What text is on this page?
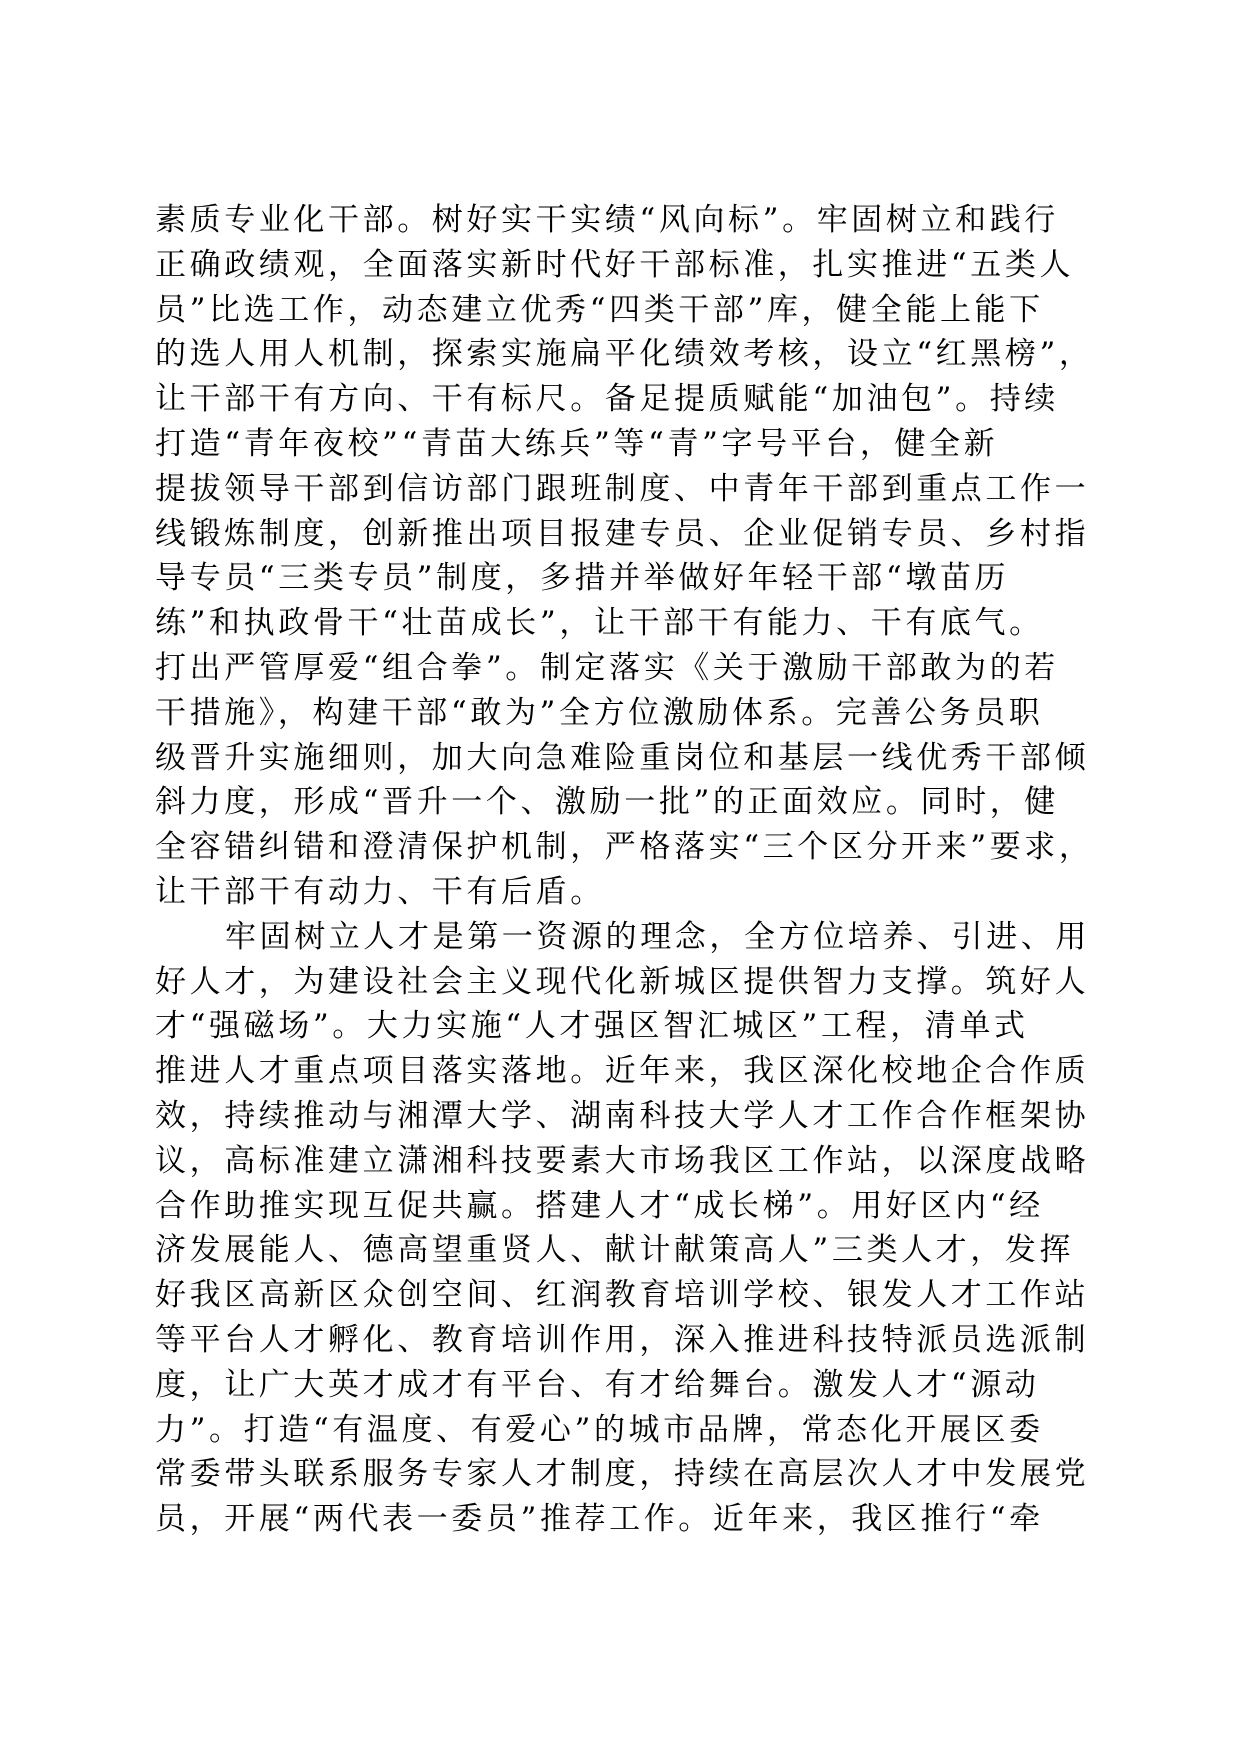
素质专业化干部。树好实干实绩“风向标”。牢固树立和践行
正确政绩观，全面落实新时代好干部标准，扎实推进“五类人
员”比选工作，动态建立优秀“四类干部”库，健全能上能下
的选人用人机制，探索实施扁平化绩效考核，设立“红黑榜”，
让干部干有方向、干有标尺。备足提质赋能“加油包”。持续
打造“青年夜校”“青苗大练兵”等“青”字号平台，健全新
提拔领导干部到信访部门跟班制度、中青年干部到重点工作一
线锻炼制度，创新推出项目报建专员、企业促销专员、乡村指
导专员“三类专员”制度，多措并举做好年轻干部“墩苗历
练”和执政骨干“壮苗成长”，让干部干有能力、干有底气。
打出严管厚爱“组合拳”。制定落实《关于激励干部敢为的若
干措施》，构建干部“敢为”全方位激励体系。完善公务员职
级晋升实施细则，加大向急难险重岗位和基层一线优秀干部倾
斜力度，形成“晋升一个、激励一批”的正面效应。同时，健
全容错纠错和澄清保护机制，严格落实“三个区分开来”要求，
让干部干有动力、干有后盾。
牢固树立人才是第一资源的理念，全方位培养、引进、用
好人才，为建设社会主义现代化新城区提供智力支撑。筑好人
才“强磁场”。大力实施“人才强区智汇城区”工程，清单式
推进人才重点项目落实落地。近年来，我区深化校地企合作质
效，持续推动与湘潭大学、湖南科技大学人才工作合作框架协
议，高标准建立潇湘科技要素大市场我区工作站，以深度战略
合作助推实现互促共赢。搭建人才“成长梯”。用好区内“经
济发展能人、德高望重贤人、献计献策高人”三类人才，发挥
好我区高新区众创空间、红润教育培训学校、银发人才工作站
等平台人才孵化、教育培训作用，深入推进科技特派员选派制
度，让广大英才成才有平台、有才给舞台。激发人才“源动
力”。打造“有温度、有爱心”的城市品牌，常态化开展区委
常委带头联系服务专家人才制度，持续在高层次人才中发展党
员，开展“两代表一委员”推荐工作。近年来，我区推行“牵
